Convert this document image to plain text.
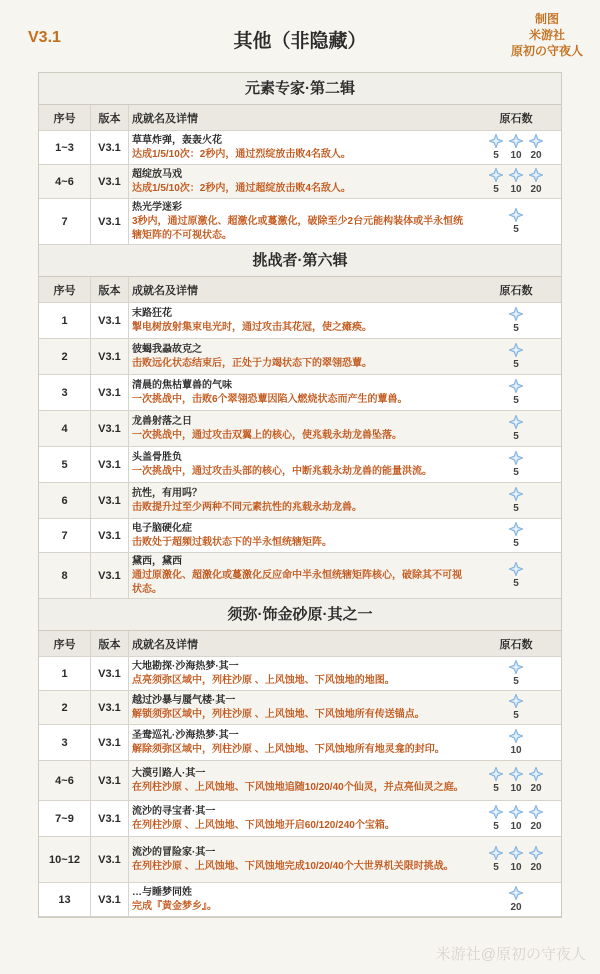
V3.1	其他（非隐藏）
制图
米游社
原初の守夜人
元素专家·第二辑
序号	版本	成就名及详情	原石数
1~3	V3.1
草草炸弹，轰轰火花
达成1/5/10次：2秒内，通过烈绽放击败4名敌人。	5 10 20
4~6	V3.1
超绽放马戏
达成1/5/10次：2秒内，通过超绽放击败4名敌人。	5 10 20
7	V3.1
热光学迷彩
3秒内，通过原激化、超激化或蔓激化，破除至少2台元能构装体或半永恒统辖矩阵的不可视状态。	5
挑战者·第六辑
序号	版本	成就名及详情	原石数
1	V3.1
末路狂花
掣电树放射集束电光时，通过攻击其花冠，使之瘫痪。	5
2	V3.1
彼蝎我蝨故克之
击败远化状态结束后，正处于力竭状态下的翠翎恐蕈。	5
3	V3.1
清晨的焦枯蕈兽的气味
一次挑战中，击败6个翠翎恐蕈因陷入燃烧状态而产生的蕈兽。	5
4	V3.1
龙兽射落之日
一次挑战中，通过攻击双翼上的核心，使兆载永劫龙兽坠落。	5
5	V3.1
头盖骨胜负
一次挑战中，通过攻击头部的核心，中断兆载永劫龙兽的能量洪流。	5
6	V3.1
抗性，有用吗？
击败提升过至少两种不同元素抗性的兆载永劫龙兽。	5
7	V3.1
电子脑硬化症
击败处于超频过载状态下的半永恒统辖矩阵。	5
8	V3.1
黛西，黛西
通过原激化、超激化或蔓激化反应命中半永恒统辖矩阵核心，破除其不可视状态。	5
须弥·饰金砂原·其之一
序号	版本	成就名及详情	原石数
1	V3.1
大地勘探·沙海热梦·其一
点亮须弥区域中，列柱沙原 、上风蚀地、下风蚀地的地图。	5
2	V3.1
越过沙暴与蜃气楼·其一
解锁须弥区域中，列柱沙原 、上风蚀地、下风蚀地所有传送锚点。	5
3	V3.1
圣鸯巡礼·沙海热梦·其一
解除须弥区域中，列柱沙原 、上风蚀地、下风蚀地所有地灵龛的封印。	10
4~6	V3.1
大漠引路人·其一
在列柱沙原 、上风蚀地、下风蚀地追随10/20/40个仙灵，并点亮仙灵之庭。	5 10 20
7~9	V3.1
流沙的寻宝者·其一
在列柱沙原 、上风蚀地、下风蚀地开启60/120/240个宝箱。	5 10 20
10~12	V3.1
流沙的冒险家·其一
在列柱沙原 、上风蚀地、下风蚀地完成10/20/40个大世界机关限时挑战。	5 10 20
13	V3.1
…与睡梦同姓
完成『黄金梦乡』。	20
米游社@原初の守夜人
